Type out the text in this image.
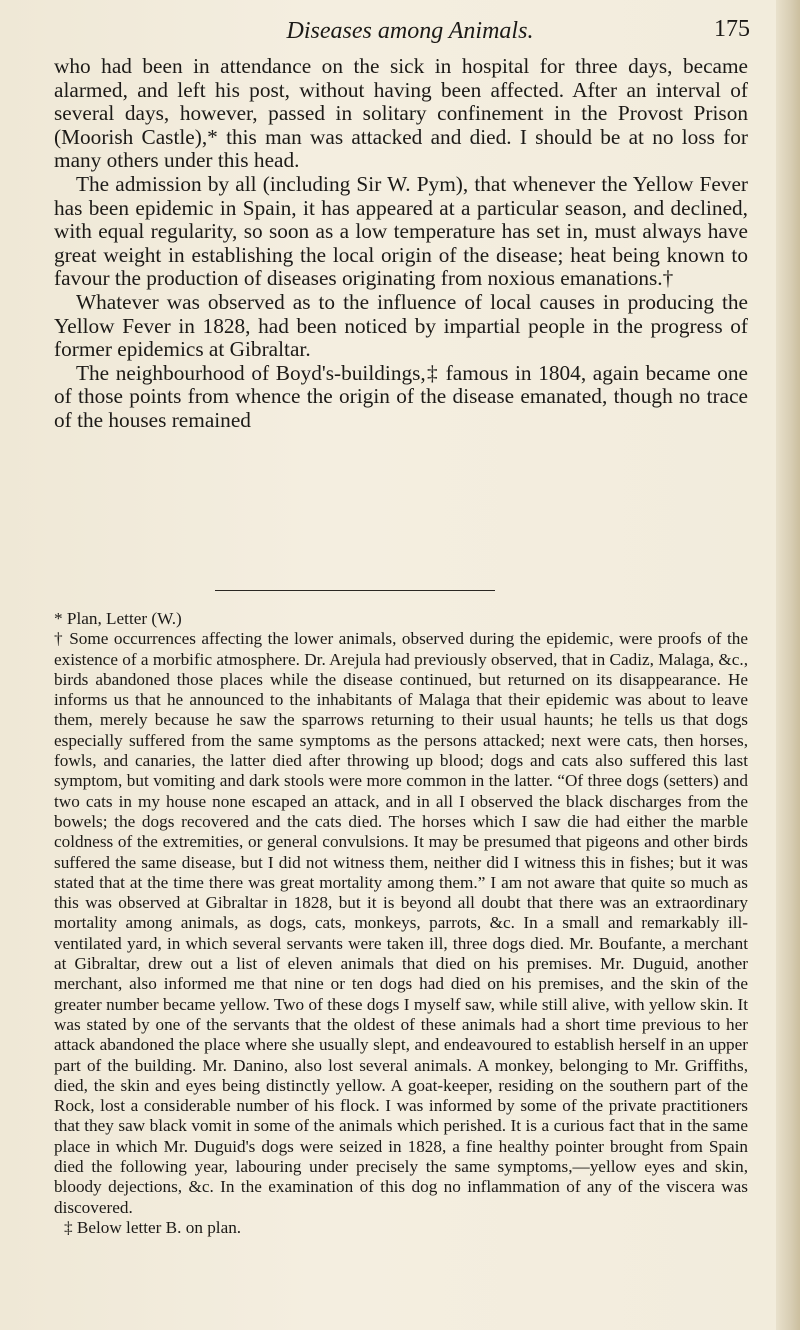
Diseases among Animals.	175

who had been in attendance on the sick in hospital for three days, became alarmed, and left his post, without having been affected. After an interval of several days, however, passed in solitary confinement in the Provost Prison (Moorish Castle),* this man was attacked and died. I should be at no loss for many others under this head.

The admission by all (including Sir W. Pym), that whenever the Yellow Fever has been epidemic in Spain, it has appeared at a particular season, and declined, with equal regularity, so soon as a low temperature has set in, must always have great weight in establishing the local origin of the disease; heat being known to favour the production of diseases originating from noxious emanations.†

Whatever was observed as to the influence of local causes in producing the Yellow Fever in 1828, had been noticed by impartial people in the progress of former epidemics at Gibraltar.

The neighbourhood of Boyd's-buildings,‡ famous in 1804, again became one of those points from whence the origin of the disease emanated, though no trace of the houses remained

* Plan, Letter (W.)

† Some occurrences affecting the lower animals, observed during the epidemic, were proofs of the existence of a morbific atmosphere. Dr. Arejula had previously observed, that in Cadiz, Malaga, &c., birds abandoned those places while the disease continued, but returned on its disappearance. He informs us that he announced to the inhabitants of Malaga that their epidemic was about to leave them, merely because he saw the sparrows returning to their usual haunts; he tells us that dogs especially suffered from the same symptoms as the persons attacked; next were cats, then horses, fowls, and canaries, the latter died after throwing up blood; dogs and cats also suffered this last symptom, but vomiting and dark stools were more common in the latter. “Of three dogs (setters) and two cats in my house none escaped an attack, and in all I observed the black discharges from the bowels; the dogs recovered and the cats died. The horses which I saw die had either the marble coldness of the extremities, or general convulsions. It may be presumed that pigeons and other birds suffered the same disease, but I did not witness them, neither did I witness this in fishes; but it was stated that at the time there was great mortality among them.” I am not aware that quite so much as this was observed at Gibraltar in 1828, but it is beyond all doubt that there was an extraordinary mortality among animals, as dogs, cats, monkeys, parrots, &c. In a small and remarkably ill-ventilated yard, in which several servants were taken ill, three dogs died. Mr. Boufante, a merchant at Gibraltar, drew out a list of eleven animals that died on his premises. Mr. Duguid, another merchant, also informed me that nine or ten dogs had died on his premises, and the skin of the greater number became yellow. Two of these dogs I myself saw, while still alive, with yellow skin. It was stated by one of the servants that the oldest of these animals had a short time previous to her attack abandoned the place where she usually slept, and endeavoured to establish herself in an upper part of the building. Mr. Danino, also lost several animals. A monkey, belonging to Mr. Griffiths, died, the skin and eyes being distinctly yellow. A goat-keeper, residing on the southern part of the Rock, lost a considerable number of his flock. I was informed by some of the private practitioners that they saw black vomit in some of the animals which perished. It is a curious fact that in the same place in which Mr. Duguid's dogs were seized in 1828, a fine healthy pointer brought from Spain died the following year, labouring under precisely the same symptoms,—yellow eyes and skin, bloody dejections, &c. In the examination of this dog no inflammation of any of the viscera was discovered.

‡ Below letter B. on plan.
